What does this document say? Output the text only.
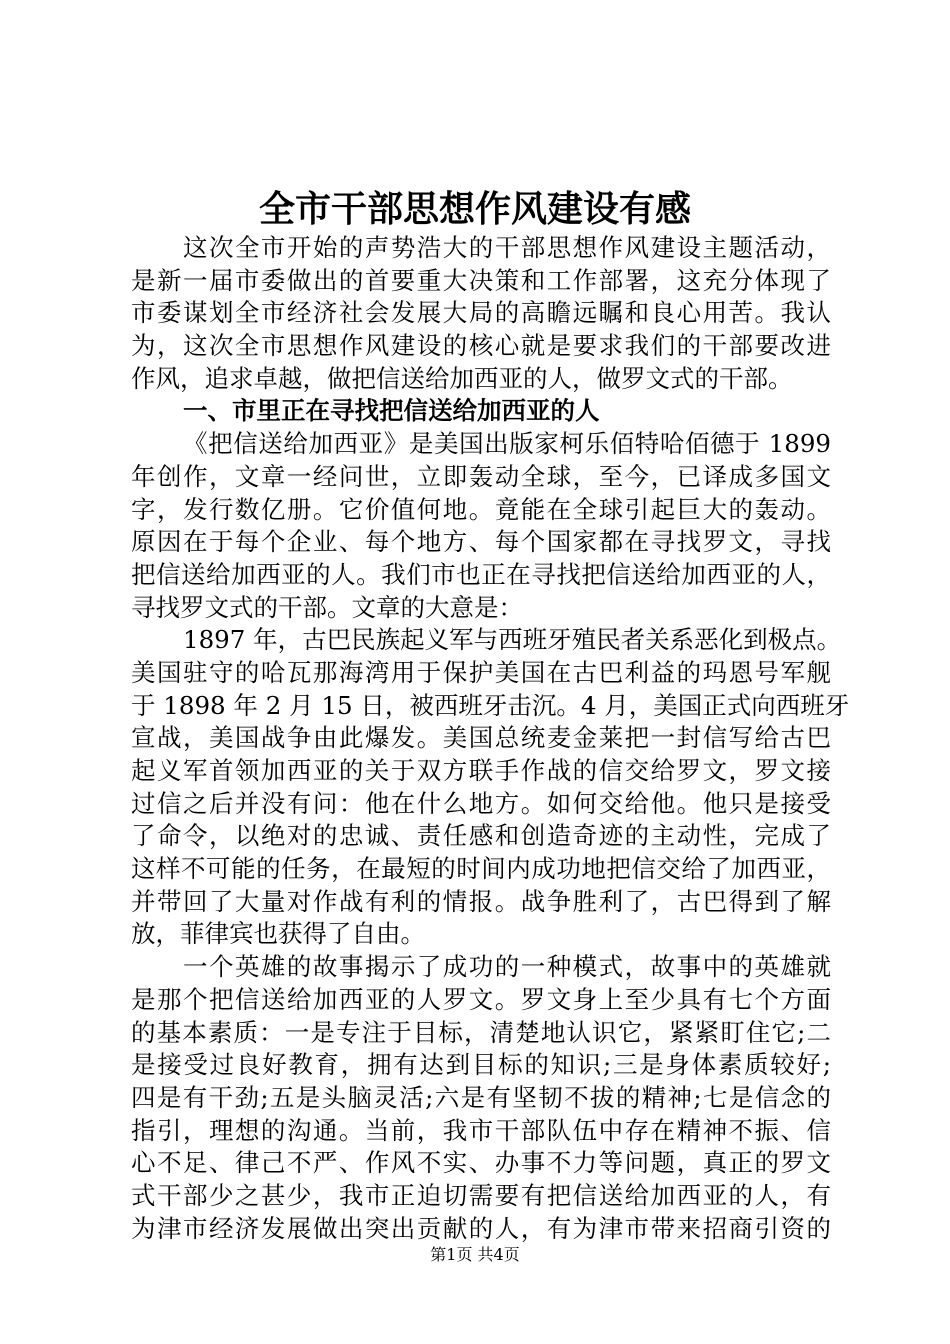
全市干部思想作风建设有感
这次全市开始的声势浩大的干部思想作风建设主题活动，
是新一届市委做出的首要重大决策和工作部署，这充分体现了
市委谋划全市经济社会发展大局的高瞻远瞩和良心用苦。我认
为，这次全市思想作风建设的核心就是要求我们的干部要改进
作风，追求卓越，做把信送给加西亚的人，做罗文式的干部。
一、市里正在寻找把信送给加西亚的人
《把信送给加西亚》是美国出版家柯乐佰特哈佰德于 1899
年创作，文章一经问世，立即轰动全球，至今，已译成多国文
字，发行数亿册。它价值何地。竟能在全球引起巨大的轰动。
原因在于每个企业、每个地方、每个国家都在寻找罗文，寻找
把信送给加西亚的人。我们市也正在寻找把信送给加西亚的人，
寻找罗文式的干部。文章的大意是：
1897 年，古巴民族起义军与西班牙殖民者关系恶化到极点。
美国驻守的哈瓦那海湾用于保护美国在古巴利益的玛恩号军舰
于 1898 年 2 月 15 日，被西班牙击沉。4 月，美国正式向西班牙
宣战，美国战争由此爆发。美国总统麦金莱把一封信写给古巴
起义军首领加西亚的关于双方联手作战的信交给罗文，罗文接
过信之后并没有问：他在什么地方。如何交给他。他只是接受
了命令，以绝对的忠诚、责任感和创造奇迹的主动性，完成了
这样不可能的任务，在最短的时间内成功地把信交给了加西亚，
并带回了大量对作战有利的情报。战争胜利了，古巴得到了解
放，菲律宾也获得了自由。
一个英雄的故事揭示了成功的一种模式，故事中的英雄就
是那个把信送给加西亚的人罗文。罗文身上至少具有七个方面
的基本素质：一是专注于目标，清楚地认识它，紧紧盯住它;二
是接受过良好教育，拥有达到目标的知识;三是身体素质较好;
四是有干劲;五是头脑灵活;六是有坚韧不拔的精神;七是信念的
指引，理想的沟通。当前，我市干部队伍中存在精神不振、信
心不足、律己不严、作风不实、办事不力等问题，真正的罗文
式干部少之甚少，我市正迫切需要有把信送给加西亚的人，有
为津市经济发展做出突出贡献的人，有为津市带来招商引资的
第1页 共4页
